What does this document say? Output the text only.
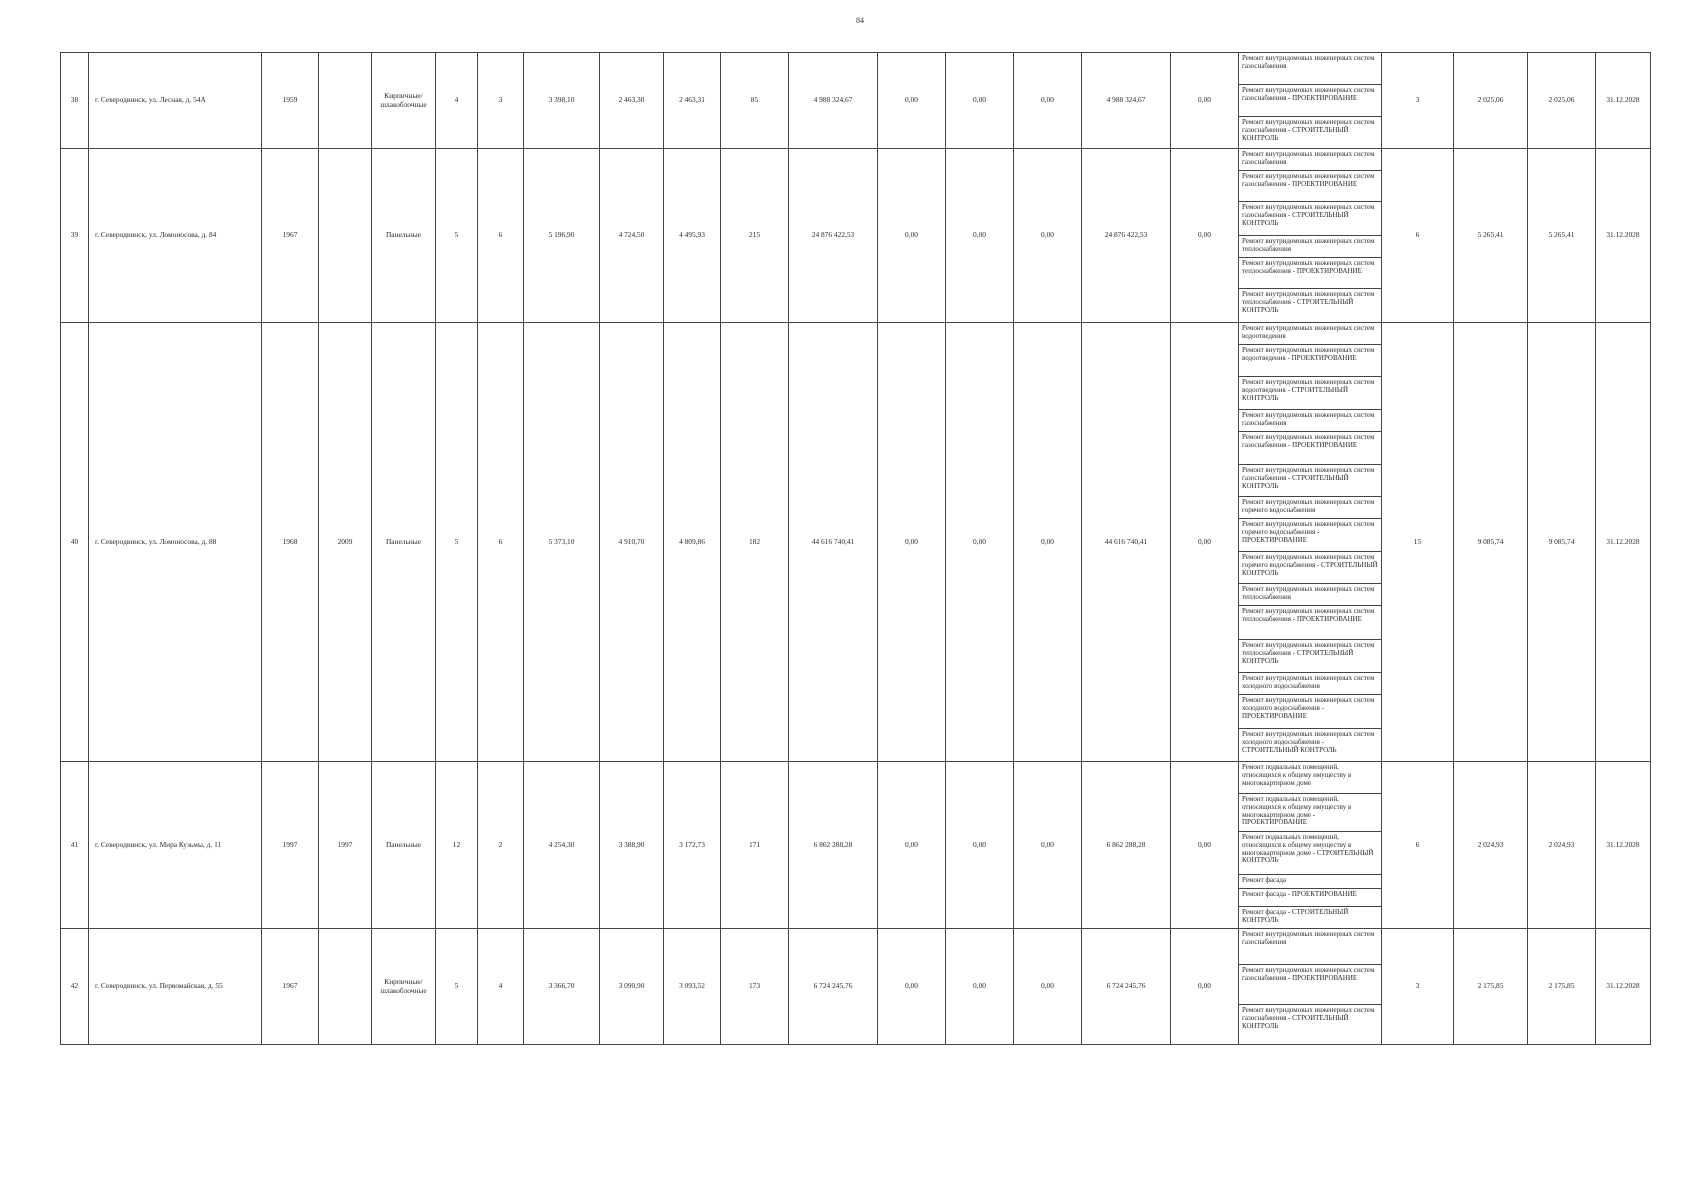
84
38	г. Северодвинск, ул. Лесная, д. 54А	1959		Кирпичные/ шлакоблочные	4	3	3 398,10	2 463,30	2 463,31	85	4 988 324,67	0,00	0,00	0,00	4 988 324,67	0,00	Ремонт внутридомовых инженерных систем газоснабжения	3	2 025,06	2 025,06	31.12.2028
																	Ремонт внутридомовых инженерных систем газоснабжения - ПРОЕКТИРОВАНИЕ				
																	Ремонт внутридомовых инженерных систем газоснабжения - СТРОИТЕЛЬНЫЙ КОНТРОЛЬ				
39	г. Северодвинск, ул. Ломоносова, д. 84	1967		Панельные	5	6	5 196,90	4 724,50	4 495,93	215	24 876 422,53	0,00	0,00	0,00	24 876 422,53	0,00	Ремонт внутридомовых инженерных систем газоснабжения	6	5 265,41	5 265,41	31.12.2028
																	Ремонт внутридомовых инженерных систем газоснабжения - ПРОЕКТИРОВАНИЕ				
																	Ремонт внутридомовых инженерных систем газоснабжения - СТРОИТЕЛЬНЫЙ КОНТРОЛЬ				
																	Ремонт внутридомовых инженерных систем теплоснабжения				
																	Ремонт внутридомовых инженерных систем теплоснабжения - ПРОЕКТИРОВАНИЕ				
																	Ремонт внутридомовых инженерных систем теплоснабжения - СТРОИТЕЛЬНЫЙ КОНТРОЛЬ				
40	г. Северодвинск, ул. Ломоносова, д. 88	1968	2009	Панельные	5	6	5 373,10	4 910,70	4 809,86	182	44 616 740,41	0,00	0,00	0,00	44 616 740,41	0,00	Ремонт внутридомовых инженерных систем водоотведения	15	9 085,74	9 085,74	31.12.2028
																	Ремонт внутридомовых инженерных систем водоотведения - ПРОЕКТИРОВАНИЕ				
																	Ремонт внутридомовых инженерных систем водоотведения - СТРОИТЕЛЬНЫЙ КОНТРОЛЬ				
																	Ремонт внутридомовых инженерных систем газоснабжения				
																	Ремонт внутридомовых инженерных систем газоснабжения - ПРОЕКТИРОВАНИЕ				
																	Ремонт внутридомовых инженерных систем газоснабжения - СТРОИТЕЛЬНЫЙ КОНТРОЛЬ				
																	Ремонт внутридомовых инженерных систем горячего водоснабжения				
																	Ремонт внутридомовых инженерных систем горячего водоснабжения - ПРОЕКТИРОВАНИЕ				
																	Ремонт внутридомовых инженерных систем горячего водоснабжения - СТРОИТЕЛЬНЫЙ КОНТРОЛЬ				
																	Ремонт внутридомовых инженерных систем теплоснабжения				
																	Ремонт внутридомовых инженерных систем теплоснабжения - ПРОЕКТИРОВАНИЕ				
																	Ремонт внутридомовых инженерных систем теплоснабжения - СТРОИТЕЛЬНЫЙ КОНТРОЛЬ				
																	Ремонт внутридомовых инженерных систем холодного водоснабжения				
																	Ремонт внутридомовых инженерных систем холодного водоснабжения - ПРОЕКТИРОВАНИЕ				
																	Ремонт внутридомовых инженерных систем холодного водоснабжения - СТРОИТЕЛЬНЫЙ КОНТРОЛЬ				
41	г. Северодвинск, ул. Мира Кузьмы, д. 11	1997	1997	Панельные	12	2	4 254,30	3 388,90	3 172,73	171	6 862 288,28	0,00	0,00	0,00	6 862 288,28	0,00	Ремонт подвальных помещений, относящихся к общему имуществу в многоквартирном доме	6	2 024,93	2 024,93	31.12.2028
																	Ремонт подвальных помещений, относящихся к общему имуществу в многоквартирном доме - ПРОЕКТИРОВАНИЕ				
																	Ремонт подвальных помещений, относящихся к общему имуществу в многоквартирном доме - СТРОИТЕЛЬНЫЙ КОНТРОЛЬ				
																	Ремонт фасада				
																	Ремонт фасада - ПРОЕКТИРОВАНИЕ				
																	Ремонт фасада - СТРОИТЕЛЬНЫЙ КОНТРОЛЬ				
42	г. Северодвинск, ул. Первомайская, д. 55	1967		Кирпичные/ шлакоблочные	5	4	3 366,70	3 090,90	3 093,52	173	6 724 245,76	0,00	0,00	0,00	6 724 245,76	0,00	Ремонт внутридомовых инженерных систем газоснабжения	3	2 175,85	2 175,85	31.12.2028
																	Ремонт внутридомовых инженерных систем газоснабжения - ПРОЕКТИРОВАНИЕ				
																	Ремонт внутридомовых инженерных систем газоснабжения - СТРОИТЕЛЬНЫЙ КОНТРОЛЬ				
